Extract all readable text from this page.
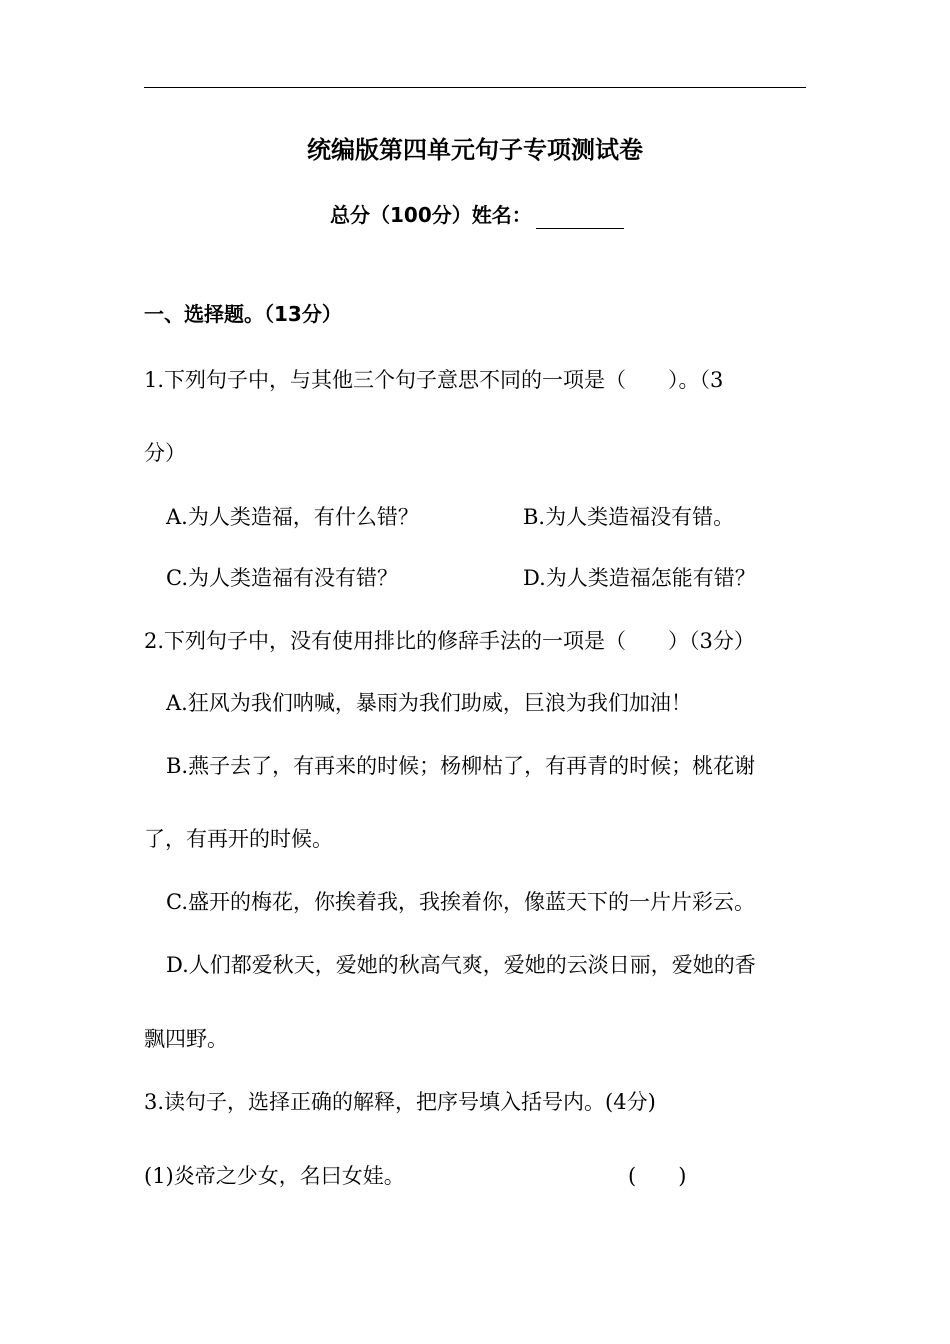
统编版第四单元句子专项测试卷
总分（100分）姓名：
一、选择题。（13分）
1.下列句子中，与其他三个句子意思不同的一项是（　　）。（3
分）
A.为人类造福，有什么错？	B.为人类造福没有错。
C.为人类造福有没有错？	D.为人类造福怎能有错？
2.下列句子中，没有使用排比的修辞手法的一项是（　　）（3分）
A.狂风为我们呐喊，暴雨为我们助威，巨浪为我们加油！
B.燕子去了，有再来的时候；杨柳枯了，有再青的时候；桃花谢
了，有再开的时候。
C.盛开的梅花，你挨着我，我挨着你，像蓝天下的一片片彩云。
D.人们都爱秋天，爱她的秋高气爽，爱她的云淡日丽，爱她的香
飘四野。
3.读句子，选择正确的解释，把序号填入括号内。(4分)
(1)炎帝之少女，名曰女娃。	(　　)
